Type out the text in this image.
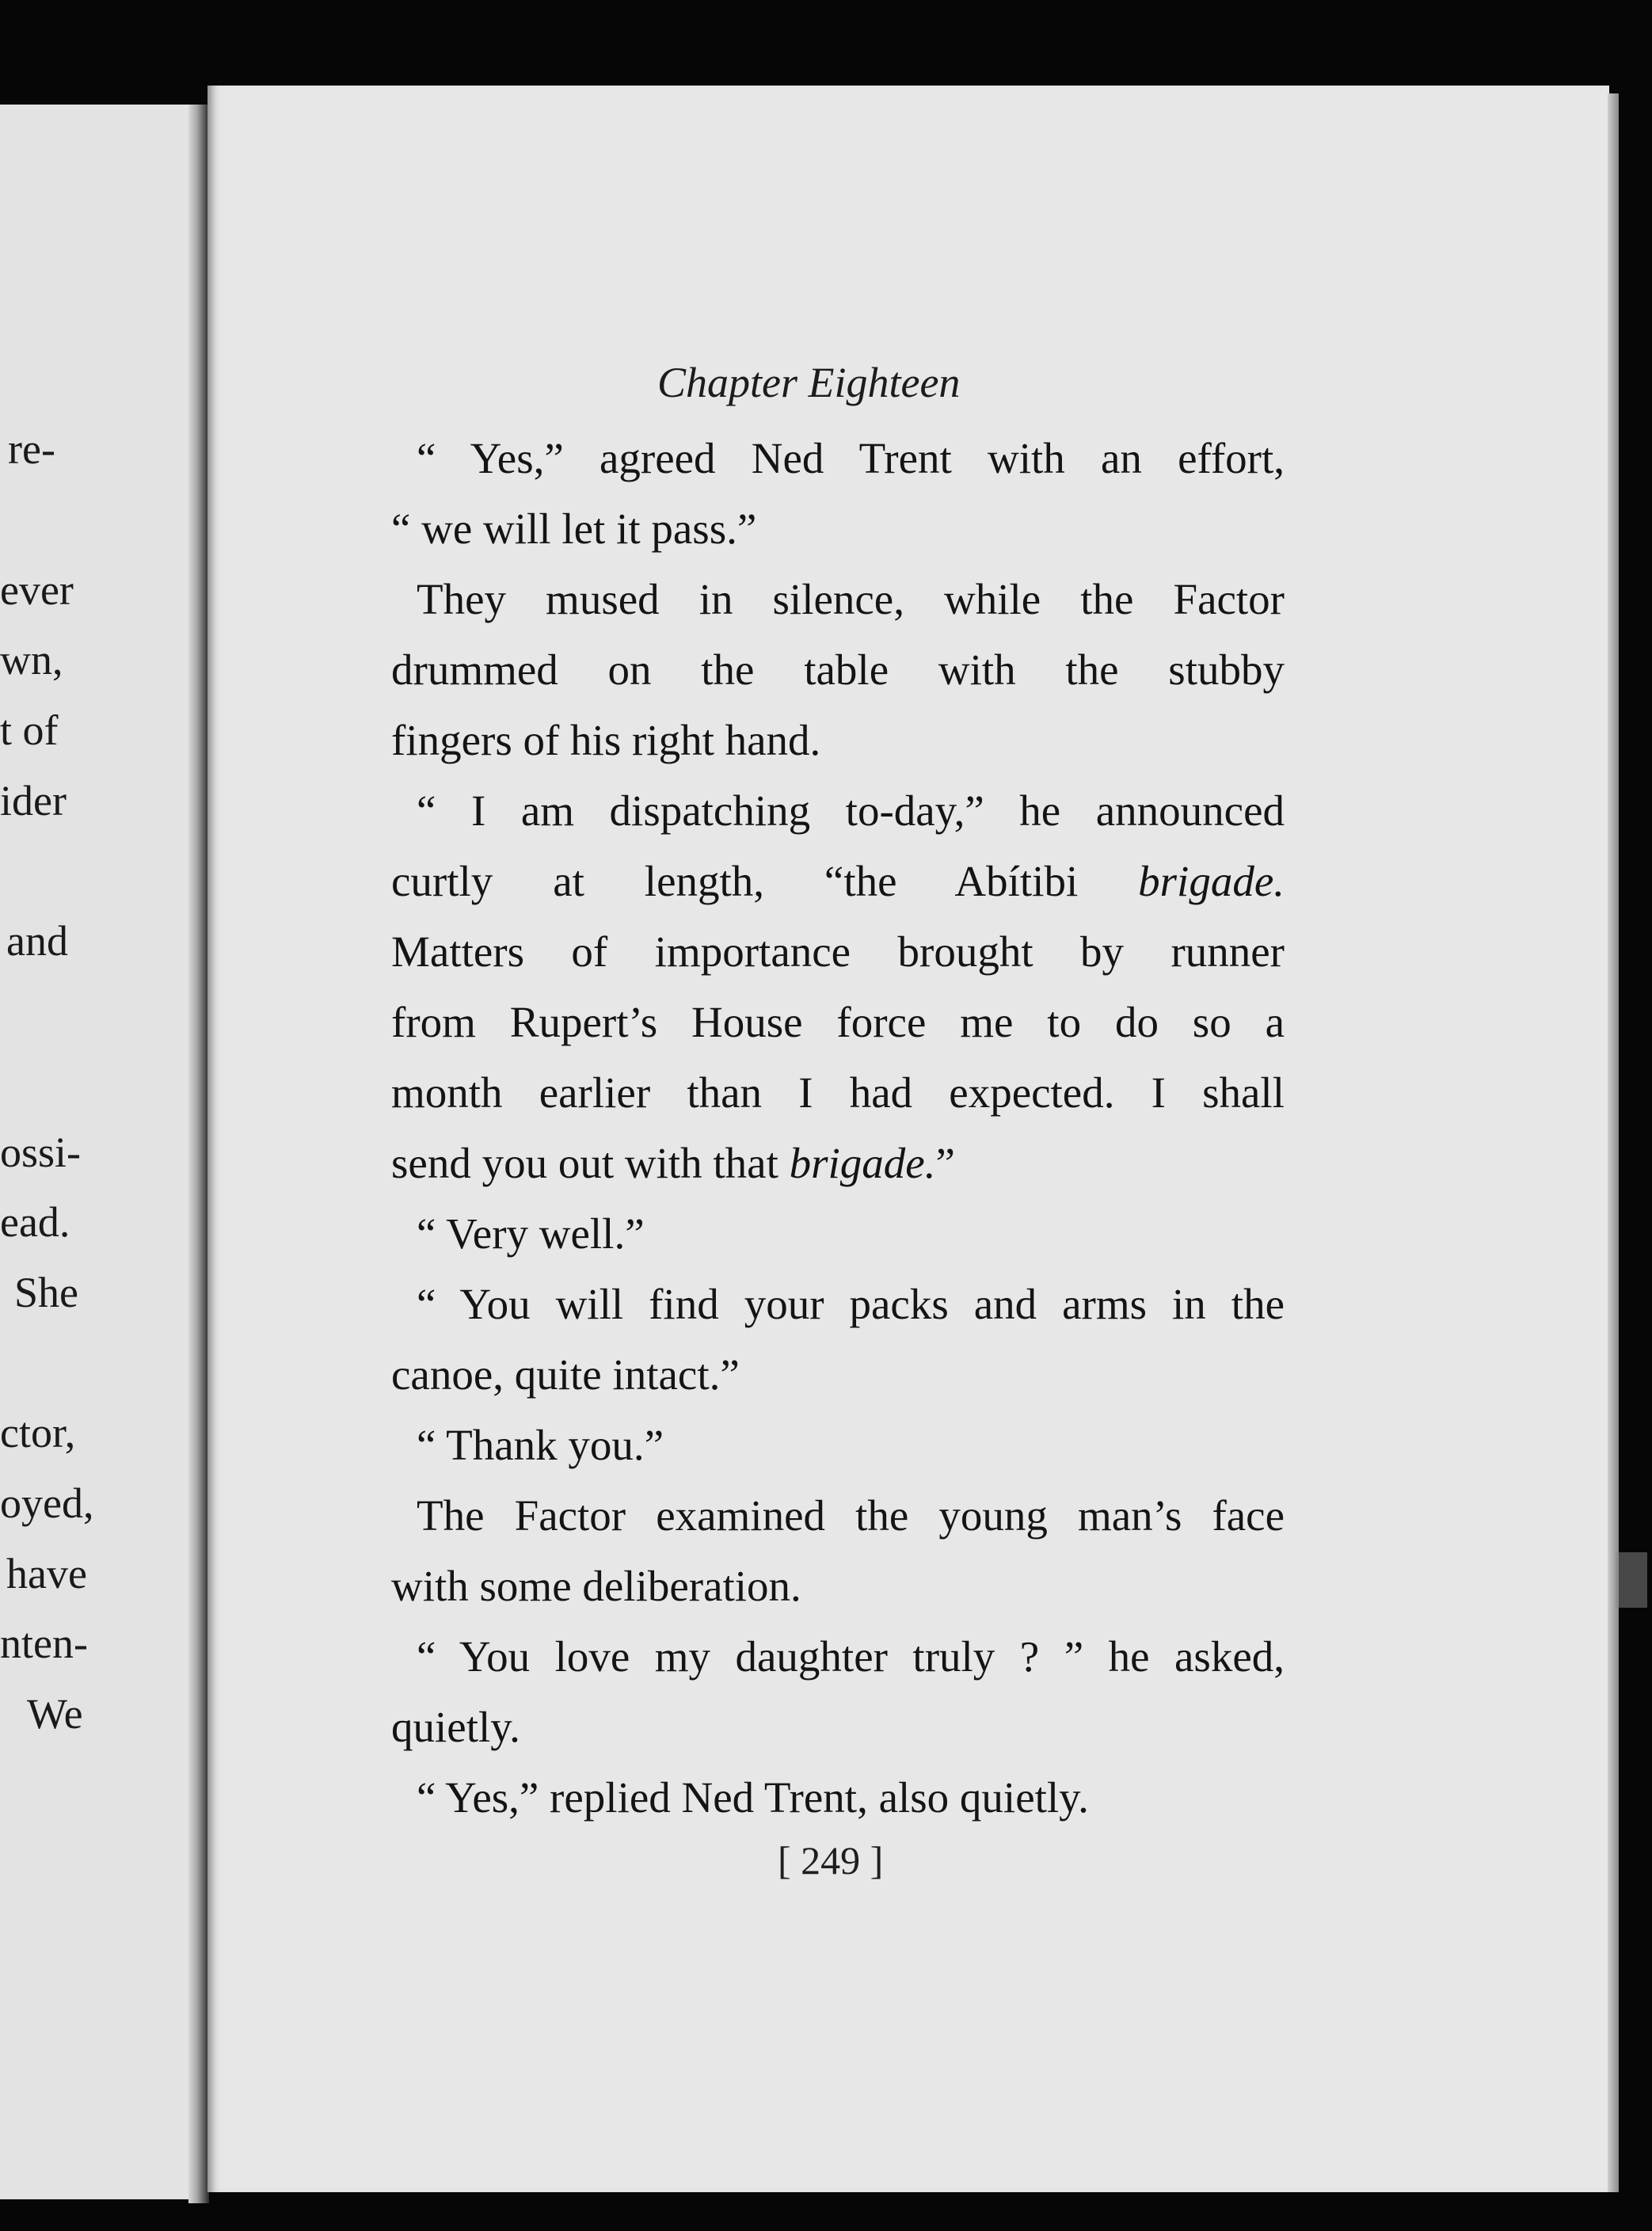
re-
ever
wn,
t of
ider
and
ossi-
ead.
She
ctor,
oyed,
have
nten-
We
Chapter Eighteen
“ Yes,” agreed Ned Trent with an effort,
“ we will let it pass.”
They mused in silence, while the Factor
drummed on the table with the stubby
fingers of his right hand.
“ I am dispatching to-day,” he announced
curtly at length, “the Abítibi brigade.
Matters of importance brought by runner
from Rupert’s House force me to do so a
month earlier than I had expected. I shall
send you out with that brigade.”
“ Very well.”
“ You will find your packs and arms in the
canoe, quite intact.”
“ Thank you.”
The Factor examined the young man’s face
with some deliberation.
“ You love my daughter truly ? ” he asked,
quietly.
“ Yes,” replied Ned Trent, also quietly.
[ 249 ]
